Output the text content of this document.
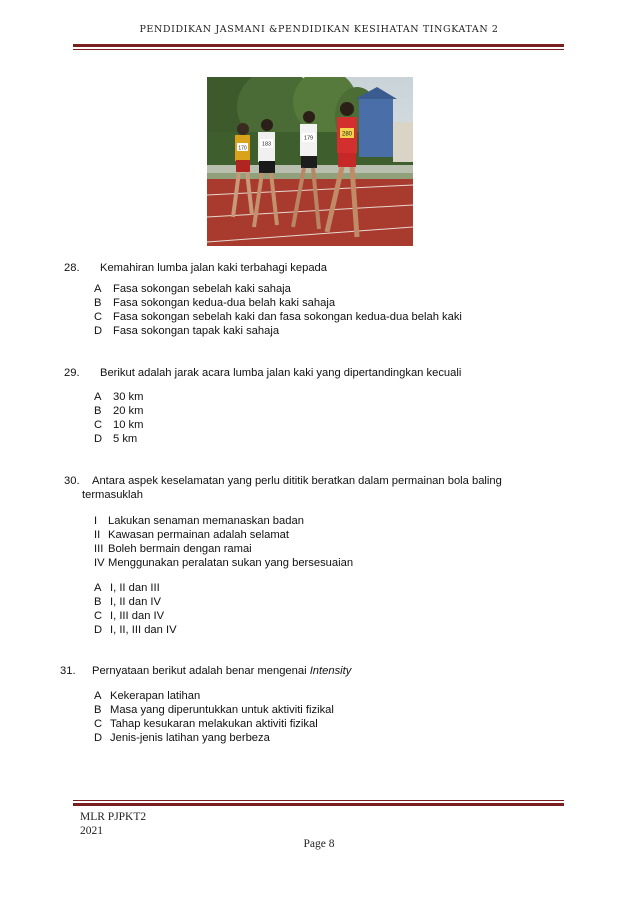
PENDIDIKAN JASMANI &PENDIDIKAN KESIHATAN TINGKATAN 2
170
183
179
280
28. Kemahiran lumba jalan kaki terbahagi kepada
A Fasa sokongan sebelah kaki sahaja
B Fasa sokongan kedua-dua belah kaki sahaja
C Fasa sokongan sebelah kaki dan fasa sokongan kedua-dua belah kaki
D Fasa sokongan tapak kaki sahaja
29. Berikut adalah jarak acara lumba jalan kaki yang dipertandingkan kecuali
A 30 km
B 20 km
C 10 km
D 5 km
30. Antara aspek keselamatan yang perlu dititik beratkan dalam permainan bola baling
termasuklah
I Lakukan senaman memanaskan badan
II Kawasan permainan adalah selamat
III Boleh bermain dengan ramai
IV Menggunakan peralatan sukan yang bersesuaian
A I, II dan III
B I, II dan IV
C I, III dan IV
D I, II, III dan IV
31. Pernyataan berikut adalah benar mengenai Intensity
A Kekerapan latihan
B Masa yang diperuntukkan untuk aktiviti fizikal
C Tahap kesukaran melakukan aktiviti fizikal
D Jenis-jenis latihan yang berbeza
MLR PJPKT2
2021
Page 8
